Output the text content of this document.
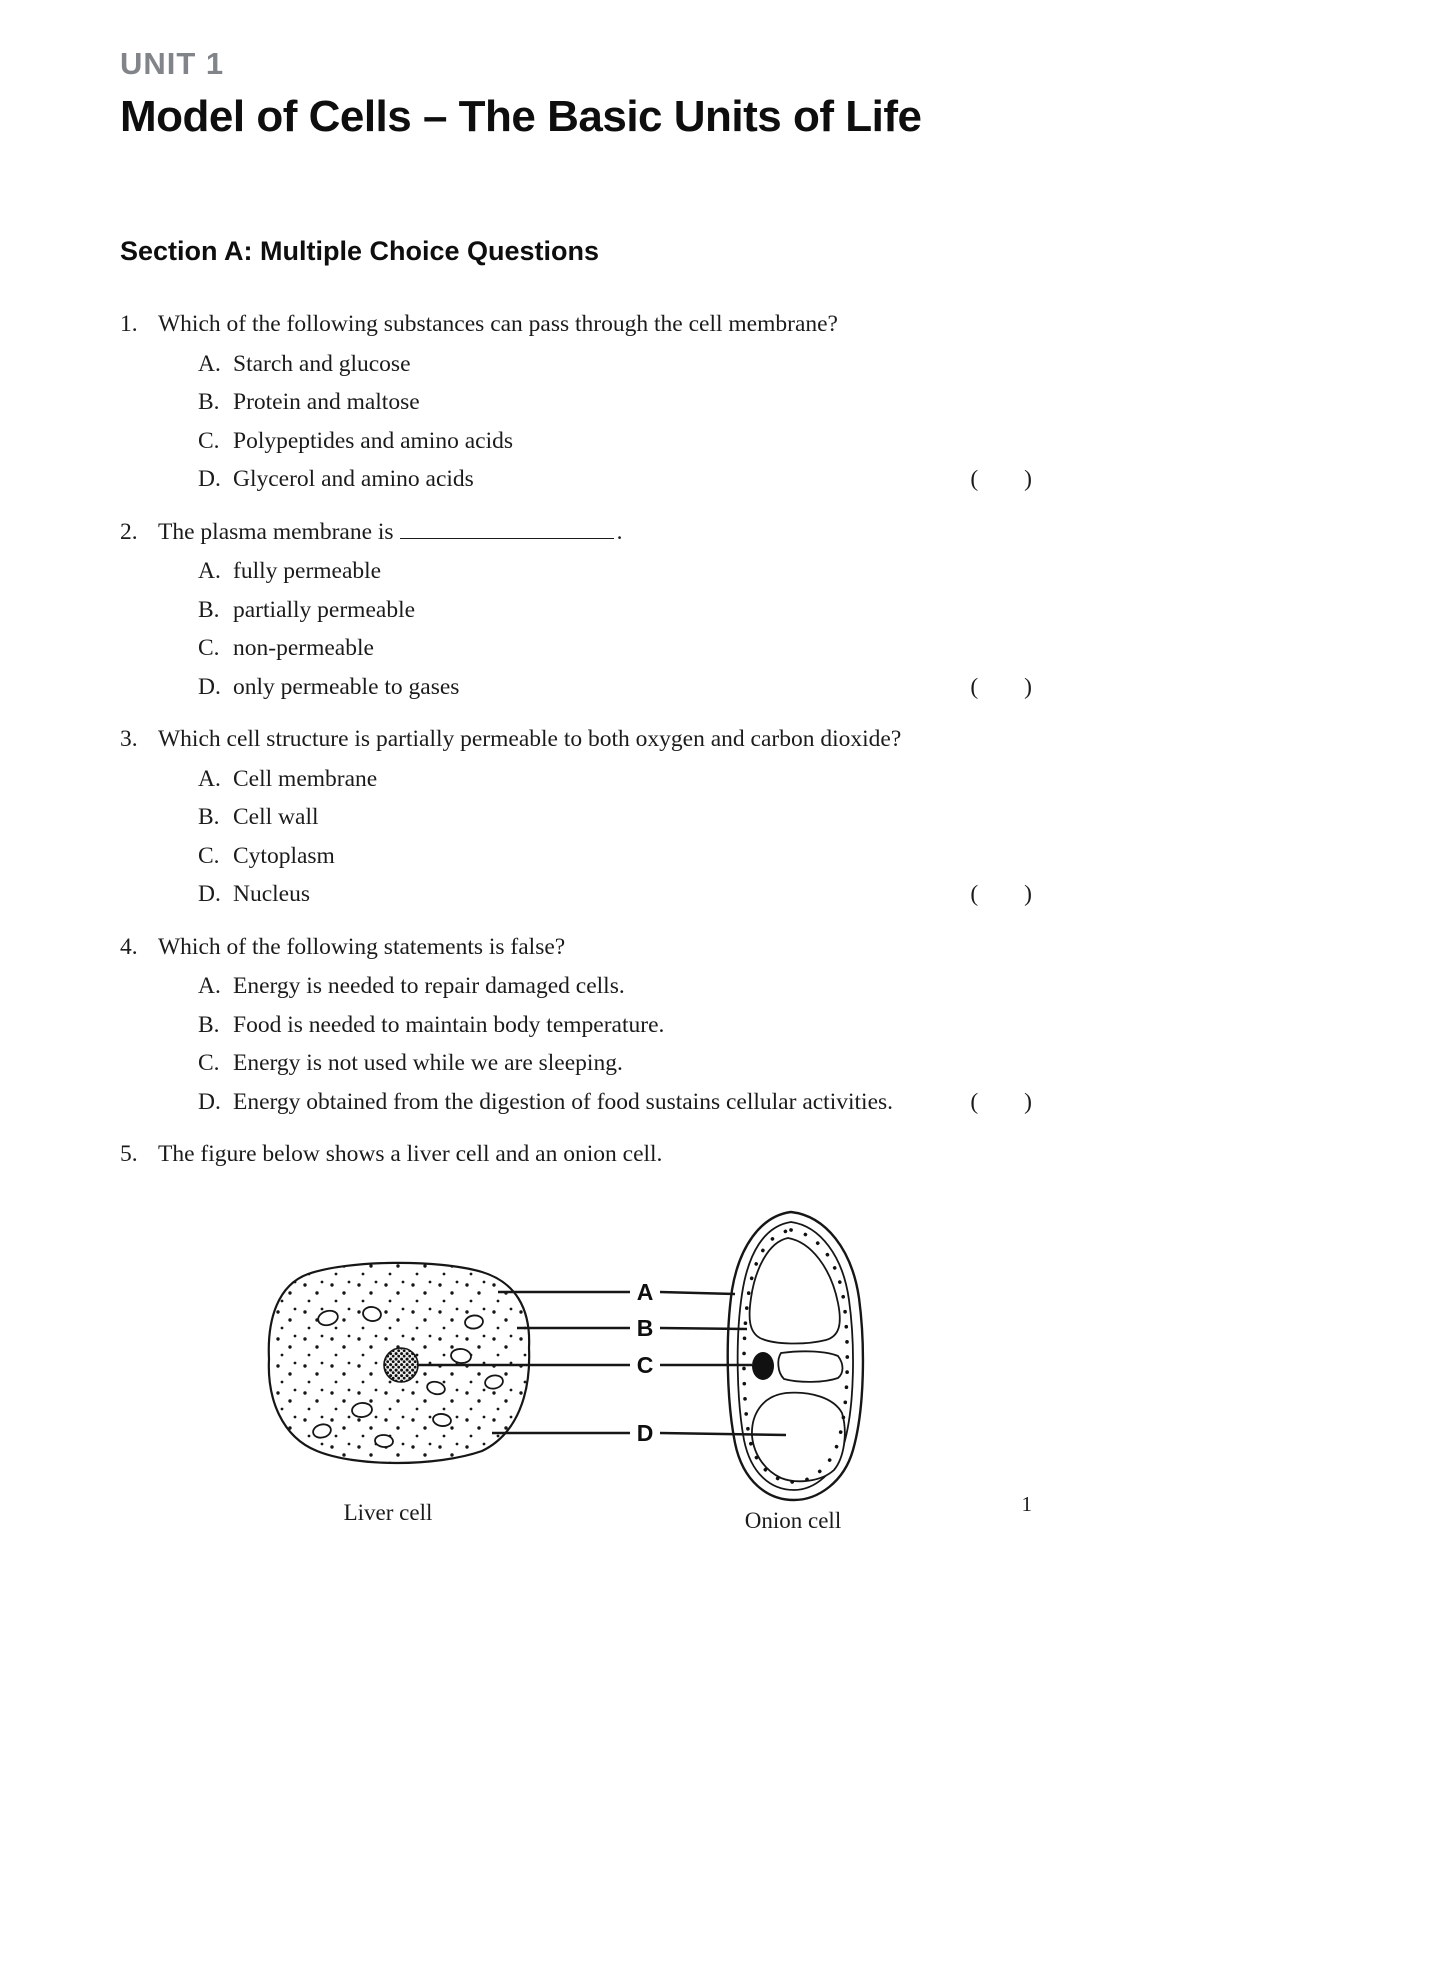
UNIT 1
Model of Cells – The Basic Units of Life
Section A: Multiple Choice Questions
1. Which of the following substances can pass through the cell membrane?
A. Starch and glucose
B. Protein and maltose
C. Polypeptides and amino acids
D. Glycerol and amino acids	( )
2. The plasma membrane is	.
A. fully permeable
B. partially permeable
C. non-permeable
D. only permeable to gases	( )
3. Which cell structure is partially permeable to both oxygen and carbon dioxide?
A. Cell membrane
B. Cell wall
C. Cytoplasm
D. Nucleus	( )
4. Which of the following statements is false?
A. Energy is needed to repair damaged cells.
B. Food is needed to maintain body temperature.
C. Energy is not used while we are sleeping.
D. Energy obtained from the digestion of food sustains cellular activities.	( )
5. The figure below shows a liver cell and an onion cell.
A
B
C
D
Liver cell	Onion cell
1
